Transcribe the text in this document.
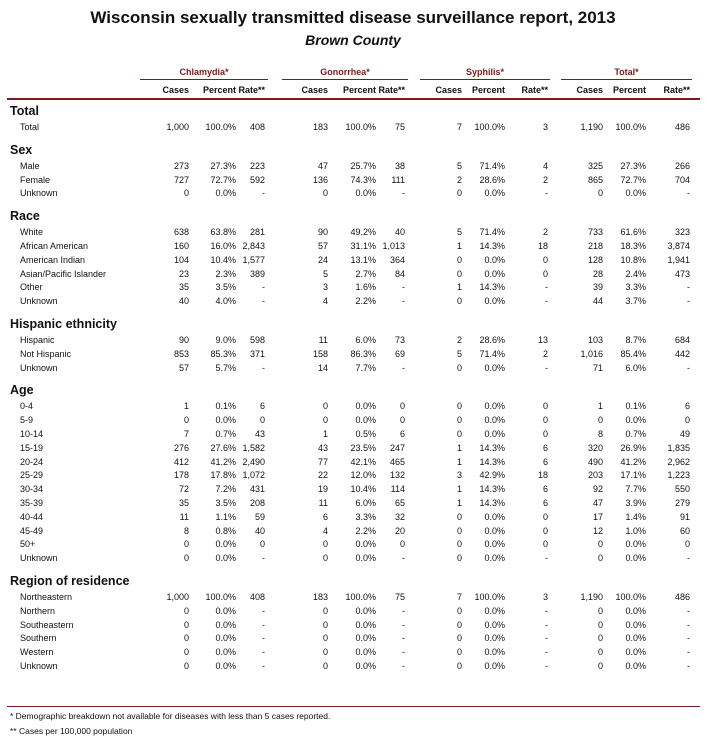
Wisconsin sexually transmitted disease surveillance report, 2013
Brown County
Chlamydia*	Gonorrhea*	Syphilis*	Total*
Cases	Percent Rate**	Cases	Percent Rate**	Cases	Percent	Rate**	Cases	Percent	Rate**
Total
Total	1,000	100.0%	408	183	100.0%	75	7	100.0%	3	1,190	100.0%	486
Sex
Male	273	27.3%	223	47	25.7%	38	5	71.4%	4	325	27.3%	266
Female	727	72.7%	592	136	74.3%	111	2	28.6%	2	865	72.7%	704
Unknown	0	0.0%	-	0	0.0%	-	0	0.0%	-	0	0.0%	-
Race
White	638	63.8%	281	90	49.2%	40	5	71.4%	2	733	61.6%	323
African American	160	16.0% 2,843	57	31.1% 1,013	1	14.3%	18	218	18.3%	3,874
American Indian	104	10.4% 1,577	24	13.1%	364	0	0.0%	0	128	10.8%	1,941
Asian/Pacific Islander	23	2.3%	389	5	2.7%	84	0	0.0%	0	28	2.4%	473
Other	35	3.5%	-	3	1.6%	-	1	14.3%	-	39	3.3%	-
Unknown	40	4.0%	-	4	2.2%	-	0	0.0%	-	44	3.7%	-
Hispanic ethnicity
Hispanic	90	9.0%	598	11	6.0%	73	2	28.6%	13	103	8.7%	684
Not Hispanic	853	85.3%	371	158	86.3%	69	5	71.4%	2	1,016	85.4%	442
Unknown	57	5.7%	-	14	7.7%	-	0	0.0%	-	71	6.0%	-
Age
0-4	1	0.1%	6	0	0.0%	0	0	0.0%	0	1	0.1%	6
5-9	0	0.0%	0	0	0.0%	0	0	0.0%	0	0	0.0%	0
10-14	7	0.7%	43	1	0.5%	6	0	0.0%	0	8	0.7%	49
15-19	276	27.6% 1,582	43	23.5%	247	1	14.3%	6	320	26.9%	1,835
20-24	412	41.2% 2,490	77	42.1%	465	1	14.3%	6	490	41.2%	2,962
25-29	178	17.8% 1,072	22	12.0%	132	3	42.9%	18	203	17.1%	1,223
30-34	72	7.2%	431	19	10.4%	114	1	14.3%	6	92	7.7%	550
35-39	35	3.5%	208	11	6.0%	65	1	14.3%	6	47	3.9%	279
40-44	11	1.1%	59	6	3.3%	32	0	0.0%	0	17	1.4%	91
45-49	8	0.8%	40	4	2.2%	20	0	0.0%	0	12	1.0%	60
50+	0	0.0%	0	0	0.0%	0	0	0.0%	0	0	0.0%	0
Unknown	0	0.0%	-	0	0.0%	-	0	0.0%	-	0	0.0%	-
Region of residence
Northeastern	1,000	100.0%	408	183	100.0%	75	7	100.0%	3	1,190	100.0%	486
Northern	0	0.0%	-	0	0.0%	-	0	0.0%	-	0	0.0%	-
Southeastern	0	0.0%	-	0	0.0%	-	0	0.0%	-	0	0.0%	-
Southern	0	0.0%	-	0	0.0%	-	0	0.0%	-	0	0.0%	-
Western	0	0.0%	-	0	0.0%	-	0	0.0%	-	0	0.0%	-
Unknown	0	0.0%	-	0	0.0%	-	0	0.0%	-	0	0.0%	-
* Demographic breakdown not available for diseases with less than 5 cases reported.
** Cases per 100,000 population
